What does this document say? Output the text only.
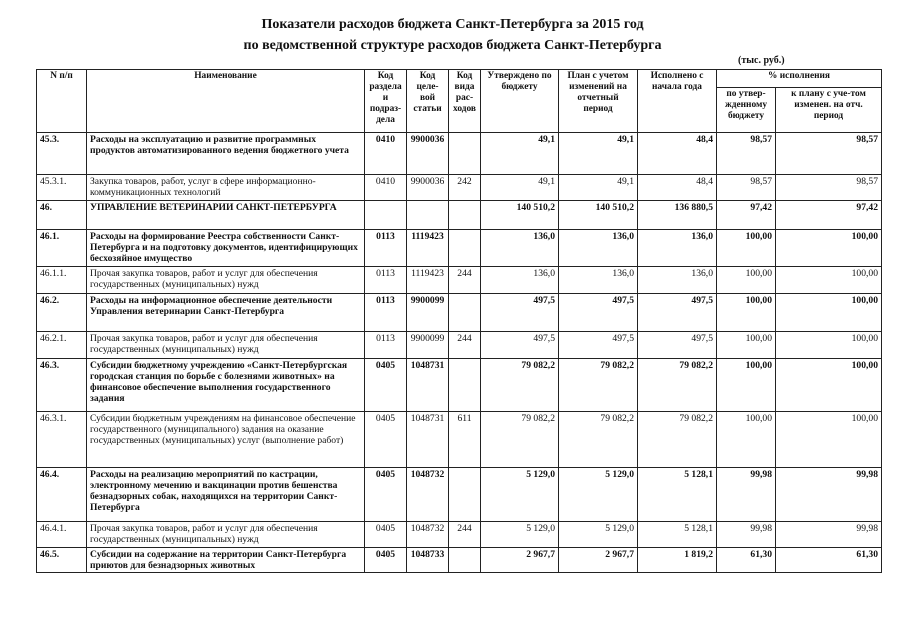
Показатели расходов бюджета Санкт-Петербурга за 2015 год
по ведомственной структуре расходов бюджета Санкт-Петербурга
(тыс. руб.)
N п/п	Наименование	Код раздела и подраз-дела	Код целе-вой статьи	Код вида рас-ходов	Утверждено по бюджету	План с учетом изменений на отчетный период	Исполнено с начала года	% исполнения	
								по утвер-жденному бюджету	к плану с уче-том изменен. на отч. период
45.3.	Расходы на эксплуатацию и развитие программных продуктов автоматизированного ведения бюджетного учета	0410	9900036		49,1	49,1	48,4	98,57	98,57
45.3.1.	Закупка товаров, работ, услуг в сфере информационно-коммуникационных технологий	0410	9900036	242	49,1	49,1	48,4	98,57	98,57
46.	УПРАВЛЕНИЕ ВЕТЕРИНАРИИ САНКТ-ПЕТЕРБУРГА				140 510,2	140 510,2	136 880,5	97,42	97,42
46.1.	Расходы на формирование Реестра собственности Санкт-Петербурга и на подготовку документов, идентифицирующих бесхозяйное имущество	0113	1119423		136,0	136,0	136,0	100,00	100,00
46.1.1.	Прочая закупка товаров, работ и услуг для обеспечения государственных (муниципальных) нужд	0113	1119423	244	136,0	136,0	136,0	100,00	100,00
46.2.	Расходы на информационное обеспечение деятельности Управления ветеринарии Санкт-Петербурга	0113	9900099		497,5	497,5	497,5	100,00	100,00
46.2.1.	Прочая закупка товаров, работ и услуг для обеспечения государственных (муниципальных) нужд	0113	9900099	244	497,5	497,5	497,5	100,00	100,00
46.3.	Субсидии бюджетному учреждению «Санкт-Петербургская городская станция по борьбе с болезнями животных» на финансовое обеспечение выполнения государственного задания	0405	1048731		79 082,2	79 082,2	79 082,2	100,00	100,00
46.3.1.	Субсидии бюджетным учреждениям на финансовое обеспечение государственного (муниципального) задания на оказание государственных (муниципальных) услуг (выполнение работ)	0405	1048731	611	79 082,2	79 082,2	79 082,2	100,00	100,00
46.4.	Расходы на реализацию мероприятий по кастрации, электронному мечению и вакцинации против бешенства безнадзорных собак, находящихся на территории Санкт-Петербурга	0405	1048732		5 129,0	5 129,0	5 128,1	99,98	99,98
46.4.1.	Прочая закупка товаров, работ и услуг для обеспечения государственных (муниципальных) нужд	0405	1048732	244	5 129,0	5 129,0	5 128,1	99,98	99,98
46.5.	Субсидии на содержание на территории Санкт-Петербурга приютов для безнадзорных животных	0405	1048733		2 967,7	2 967,7	1 819,2	61,30	61,30
